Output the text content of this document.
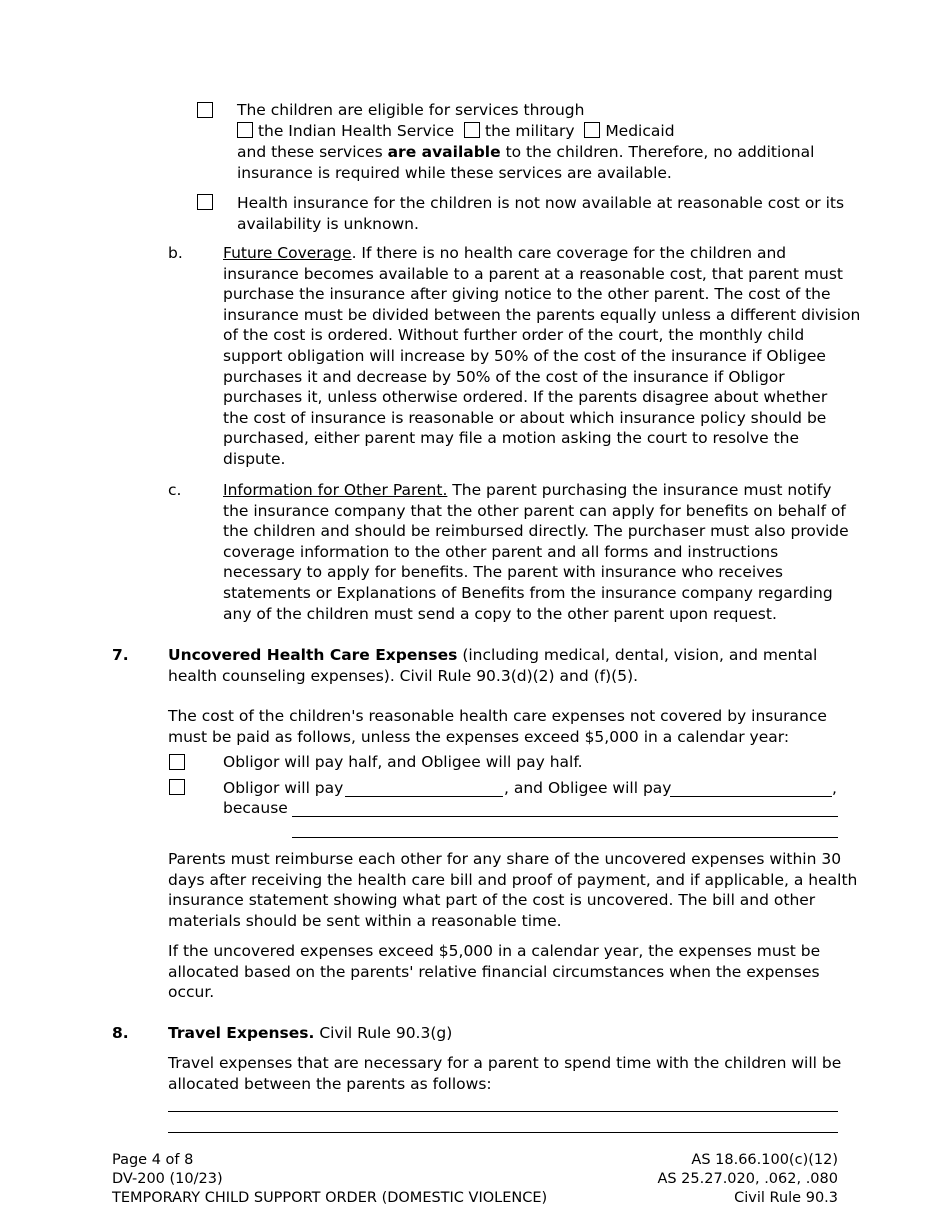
The children are eligible for services through
the Indian Health Service the military Medicaid
and these services are available to the children. Therefore, no additional
insurance is required while these services are available.
Health insurance for the children is not now available at reasonable cost or its
availability is unknown.
b.	Future Coverage. If there is no health care coverage for the children and
insurance becomes available to a parent at a reasonable cost, that parent must
purchase the insurance after giving notice to the other parent. The cost of the
insurance must be divided between the parents equally unless a different division
of the cost is ordered. Without further order of the court, the monthly child
support obligation will increase by 50% of the cost of the insurance if Obligee
purchases it and decrease by 50% of the cost of the insurance if Obligor
purchases it, unless otherwise ordered. If the parents disagree about whether
the cost of insurance is reasonable or about which insurance policy should be
purchased, either parent may file a motion asking the court to resolve the
dispute.
c.	Information for Other Parent. The parent purchasing the insurance must notify
the insurance company that the other parent can apply for benefits on behalf of
the children and should be reimbursed directly. The purchaser must also provide
coverage information to the other parent and all forms and instructions
necessary to apply for benefits. The parent with insurance who receives
statements or Explanations of Benefits from the insurance company regarding
any of the children must send a copy to the other parent upon request.
7.	Uncovered Health Care Expenses (including medical, dental, vision, and mental
health counseling expenses). Civil Rule 90.3(d)(2) and (f)(5).
The cost of the children's reasonable health care expenses not covered by insurance
must be paid as follows, unless the expenses exceed $5,000 in a calendar year:
Obligor will pay half, and Obligee will pay half.
Obligor will pay	, and Obligee will pay	,
because
Parents must reimburse each other for any share of the uncovered expenses within 30
days after receiving the health care bill and proof of payment, and if applicable, a health
insurance statement showing what part of the cost is uncovered. The bill and other
materials should be sent within a reasonable time.
If the uncovered expenses exceed $5,000 in a calendar year, the expenses must be
allocated based on the parents' relative financial circumstances when the expenses
occur.
8.	Travel Expenses. Civil Rule 90.3(g)
Travel expenses that are necessary for a parent to spend time with the children will be
allocated between the parents as follows:
Page 4 of 8
DV-200 (10/23)
TEMPORARY CHILD SUPPORT ORDER (DOMESTIC VIOLENCE)
AS 18.66.100(c)(12)
AS 25.27.020, .062, .080
Civil Rule 90.3
